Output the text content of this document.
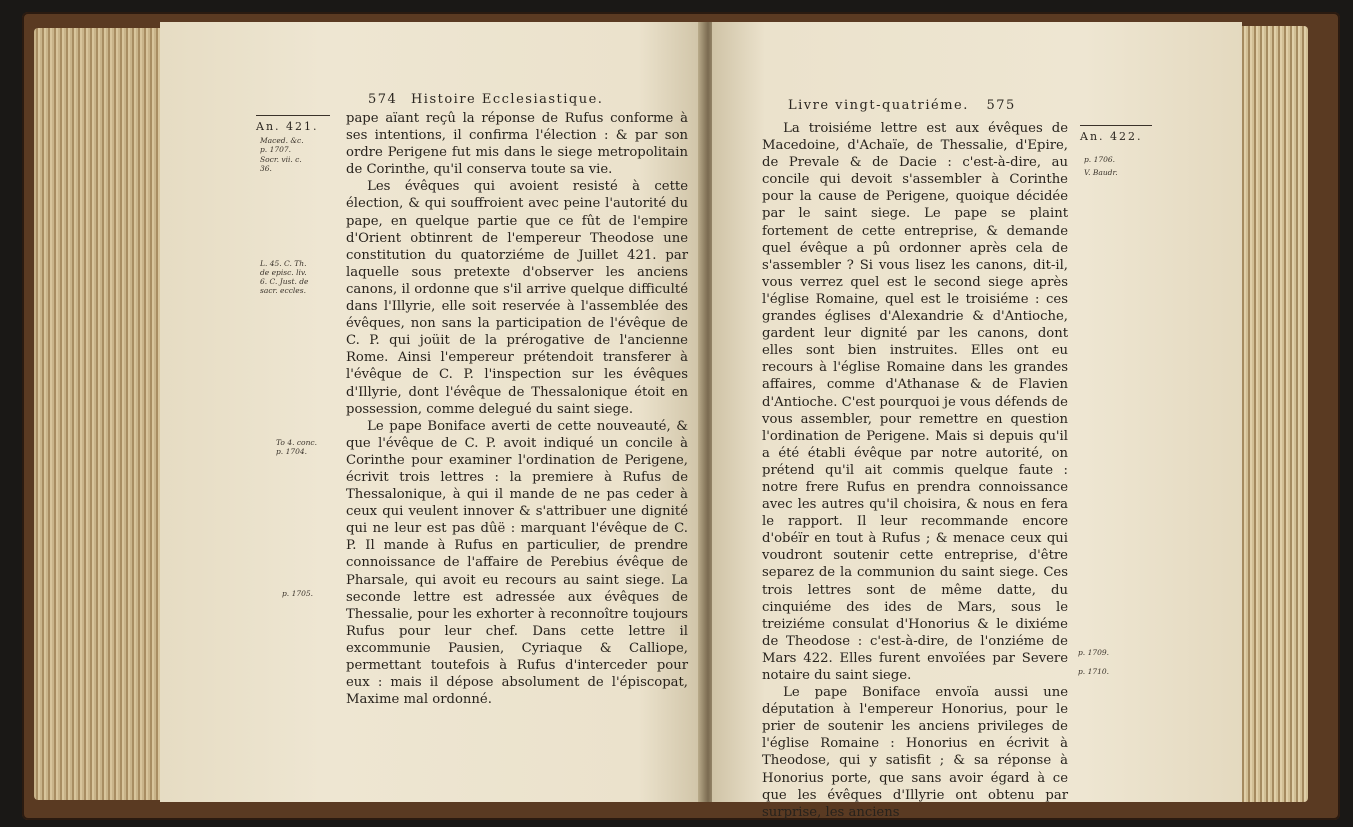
An. 421.
574 Histoire Ecclesiastique.
Maced. &c. p. 1707.
Socr. vii. c. 36.
L. 45. C. Th. de episc. liv. 6. C. Just. de sacr. eccles.
To 4. conc. p. 1704.
p. 1705.

pape aïant reçû la réponse de Rufus conforme à ses intentions, il confirma l'élection : & par son ordre Perigene fut mis dans le siege metropolitain de Corinthe, qu'il conserva toute sa vie.

Les évêques qui avoient resisté à cette élection, & qui souffroient avec peine l'autorité du pape, en quelque partie que ce fût de l'empire d'Orient obtinrent de l'empereur Theodose une constitution du quatorziéme de Juillet 421. par laquelle sous pretexte d'observer les anciens canons, il ordonne que s'il arrive quelque difficulté dans l'Illyrie, elle soit reservée à l'assemblée des évêques, non sans la participation de l'évêque de C. P. qui joüit de la prérogative de l'ancienne Rome. Ainsi l'empereur prétendoit transferer à l'évêque de C. P. l'inspection sur les évêques d'Illyrie, dont l'évêque de Thessalonique étoit en possession, comme delegué du saint siege.

Le pape Boniface averti de cette nouveauté, & que l'évêque de C. P. avoit indiqué un concile à Corinthe pour examiner l'ordination de Perigene, écrivit trois lettres : la premiere à Rufus de Thessalonique, à qui il mande de ne pas ceder à ceux qui veulent innover & s'attribuer une dignité qui ne leur est pas dûë : marquant l'évêque de C. P. Il mande à Rufus en particulier, de prendre connoissance de l'affaire de Perebius évêque de Pharsale, qui avoit eu recours au saint siege. La seconde lettre est adressée aux évêques de Thessalie, pour les exhorter à reconnoître toujours Rufus pour leur chef. Dans cette lettre il excommunie Pausien, Cyriaque & Calliope, permettant toutefois à Rufus d'interceder pour eux : mais il dépose absolument de l'épiscopat, Maxime mal ordonné.

Livre vingt-quatriéme. 575
An. 422.
p. 1706.
V. Baudr.
p. 1709.
p. 1710.

La troisiéme lettre est aux évêques de Macedoine, d'Achaïe, de Thessalie, d'Epire, de Prevale & de Dacie : c'est-à-dire, au concile qui devoit s'assembler à Corinthe pour la cause de Perigene, quoique décidée par le saint siege. Le pape se plaint fortement de cette entreprise, & demande quel évêque a pû ordonner après cela de s'assembler ? Si vous lisez les canons, dit-il, vous verrez quel est le second siege après l'église Romaine, quel est le troisiéme : ces grandes églises d'Alexandrie & d'Antioche, gardent leur dignité par les canons, dont elles sont bien instruites. Elles ont eu recours à l'église Romaine dans les grandes affaires, comme d'Athanase & de Flavien d'Antioche. C'est pourquoi je vous défends de vous assembler, pour remettre en question l'ordination de Perigene. Mais si depuis qu'il a été établi évêque par notre autorité, on prétend qu'il ait commis quelque faute : notre frere Rufus en prendra connoissance avec les autres qu'il choisira, & nous en fera le rapport. Il leur recommande encore d'obéïr en tout à Rufus ; & menace ceux qui voudront soutenir cette entreprise, d'être separez de la communion du saint siege. Ces trois lettres sont de même datte, du cinquiéme des ides de Mars, sous le treiziéme consulat d'Honorius & le dixiéme de Theodose : c'est-à-dire, de l'onziéme de Mars 422. Elles furent envoïées par Severe notaire du saint siege.

Le pape Boniface envoïa aussi une députation à l'empereur Honorius, pour le prier de soutenir les anciens privileges de l'église Romaine : Honorius en écrivit à Theodose, qui y satisfit ; & sa réponse à Honorius porte, que sans avoir égard à ce que les évêques d'Illyrie ont obtenu par surprise, les anciens
